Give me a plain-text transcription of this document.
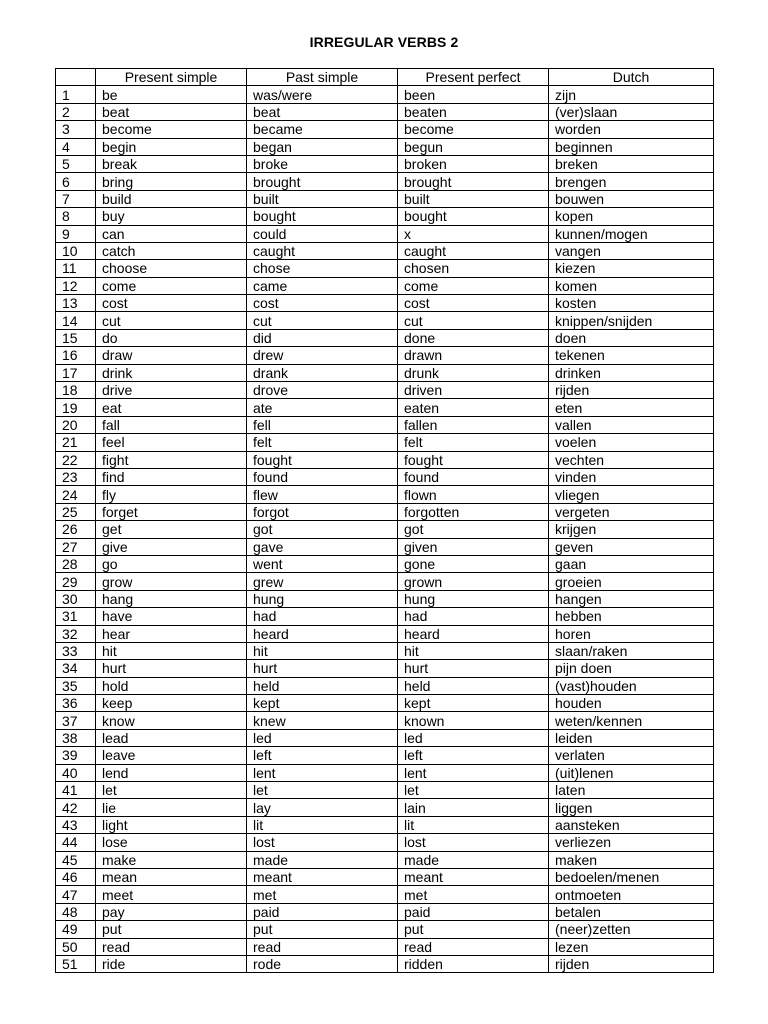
IRREGULAR VERBS 2
	Present simple	Past simple	Present perfect	Dutch
1	be	was/were	been	zijn
2	beat	beat	beaten	(ver)slaan
3	become	became	become	worden
4	begin	began	begun	beginnen
5	break	broke	broken	breken
6	bring	brought	brought	brengen
7	build	built	built	bouwen
8	buy	bought	bought	kopen
9	can	could	x	kunnen/mogen
10	catch	caught	caught	vangen
11	choose	chose	chosen	kiezen
12	come	came	come	komen
13	cost	cost	cost	kosten
14	cut	cut	cut	knippen/snijden
15	do	did	done	doen
16	draw	drew	drawn	tekenen
17	drink	drank	drunk	drinken
18	drive	drove	driven	rijden
19	eat	ate	eaten	eten
20	fall	fell	fallen	vallen
21	feel	felt	felt	voelen
22	fight	fought	fought	vechten
23	find	found	found	vinden
24	fly	flew	flown	vliegen
25	forget	forgot	forgotten	vergeten
26	get	got	got	krijgen
27	give	gave	given	geven
28	go	went	gone	gaan
29	grow	grew	grown	groeien
30	hang	hung	hung	hangen
31	have	had	had	hebben
32	hear	heard	heard	horen
33	hit	hit	hit	slaan/raken
34	hurt	hurt	hurt	pijn doen
35	hold	held	held	(vast)houden
36	keep	kept	kept	houden
37	know	knew	known	weten/kennen
38	lead	led	led	leiden
39	leave	left	left	verlaten
40	lend	lent	lent	(uit)lenen
41	let	let	let	laten
42	lie	lay	lain	liggen
43	light	lit	lit	aansteken
44	lose	lost	lost	verliezen
45	make	made	made	maken
46	mean	meant	meant	bedoelen/menen
47	meet	met	met	ontmoeten
48	pay	paid	paid	betalen
49	put	put	put	(neer)zetten
50	read	read	read	lezen
51	ride	rode	ridden	rijden
